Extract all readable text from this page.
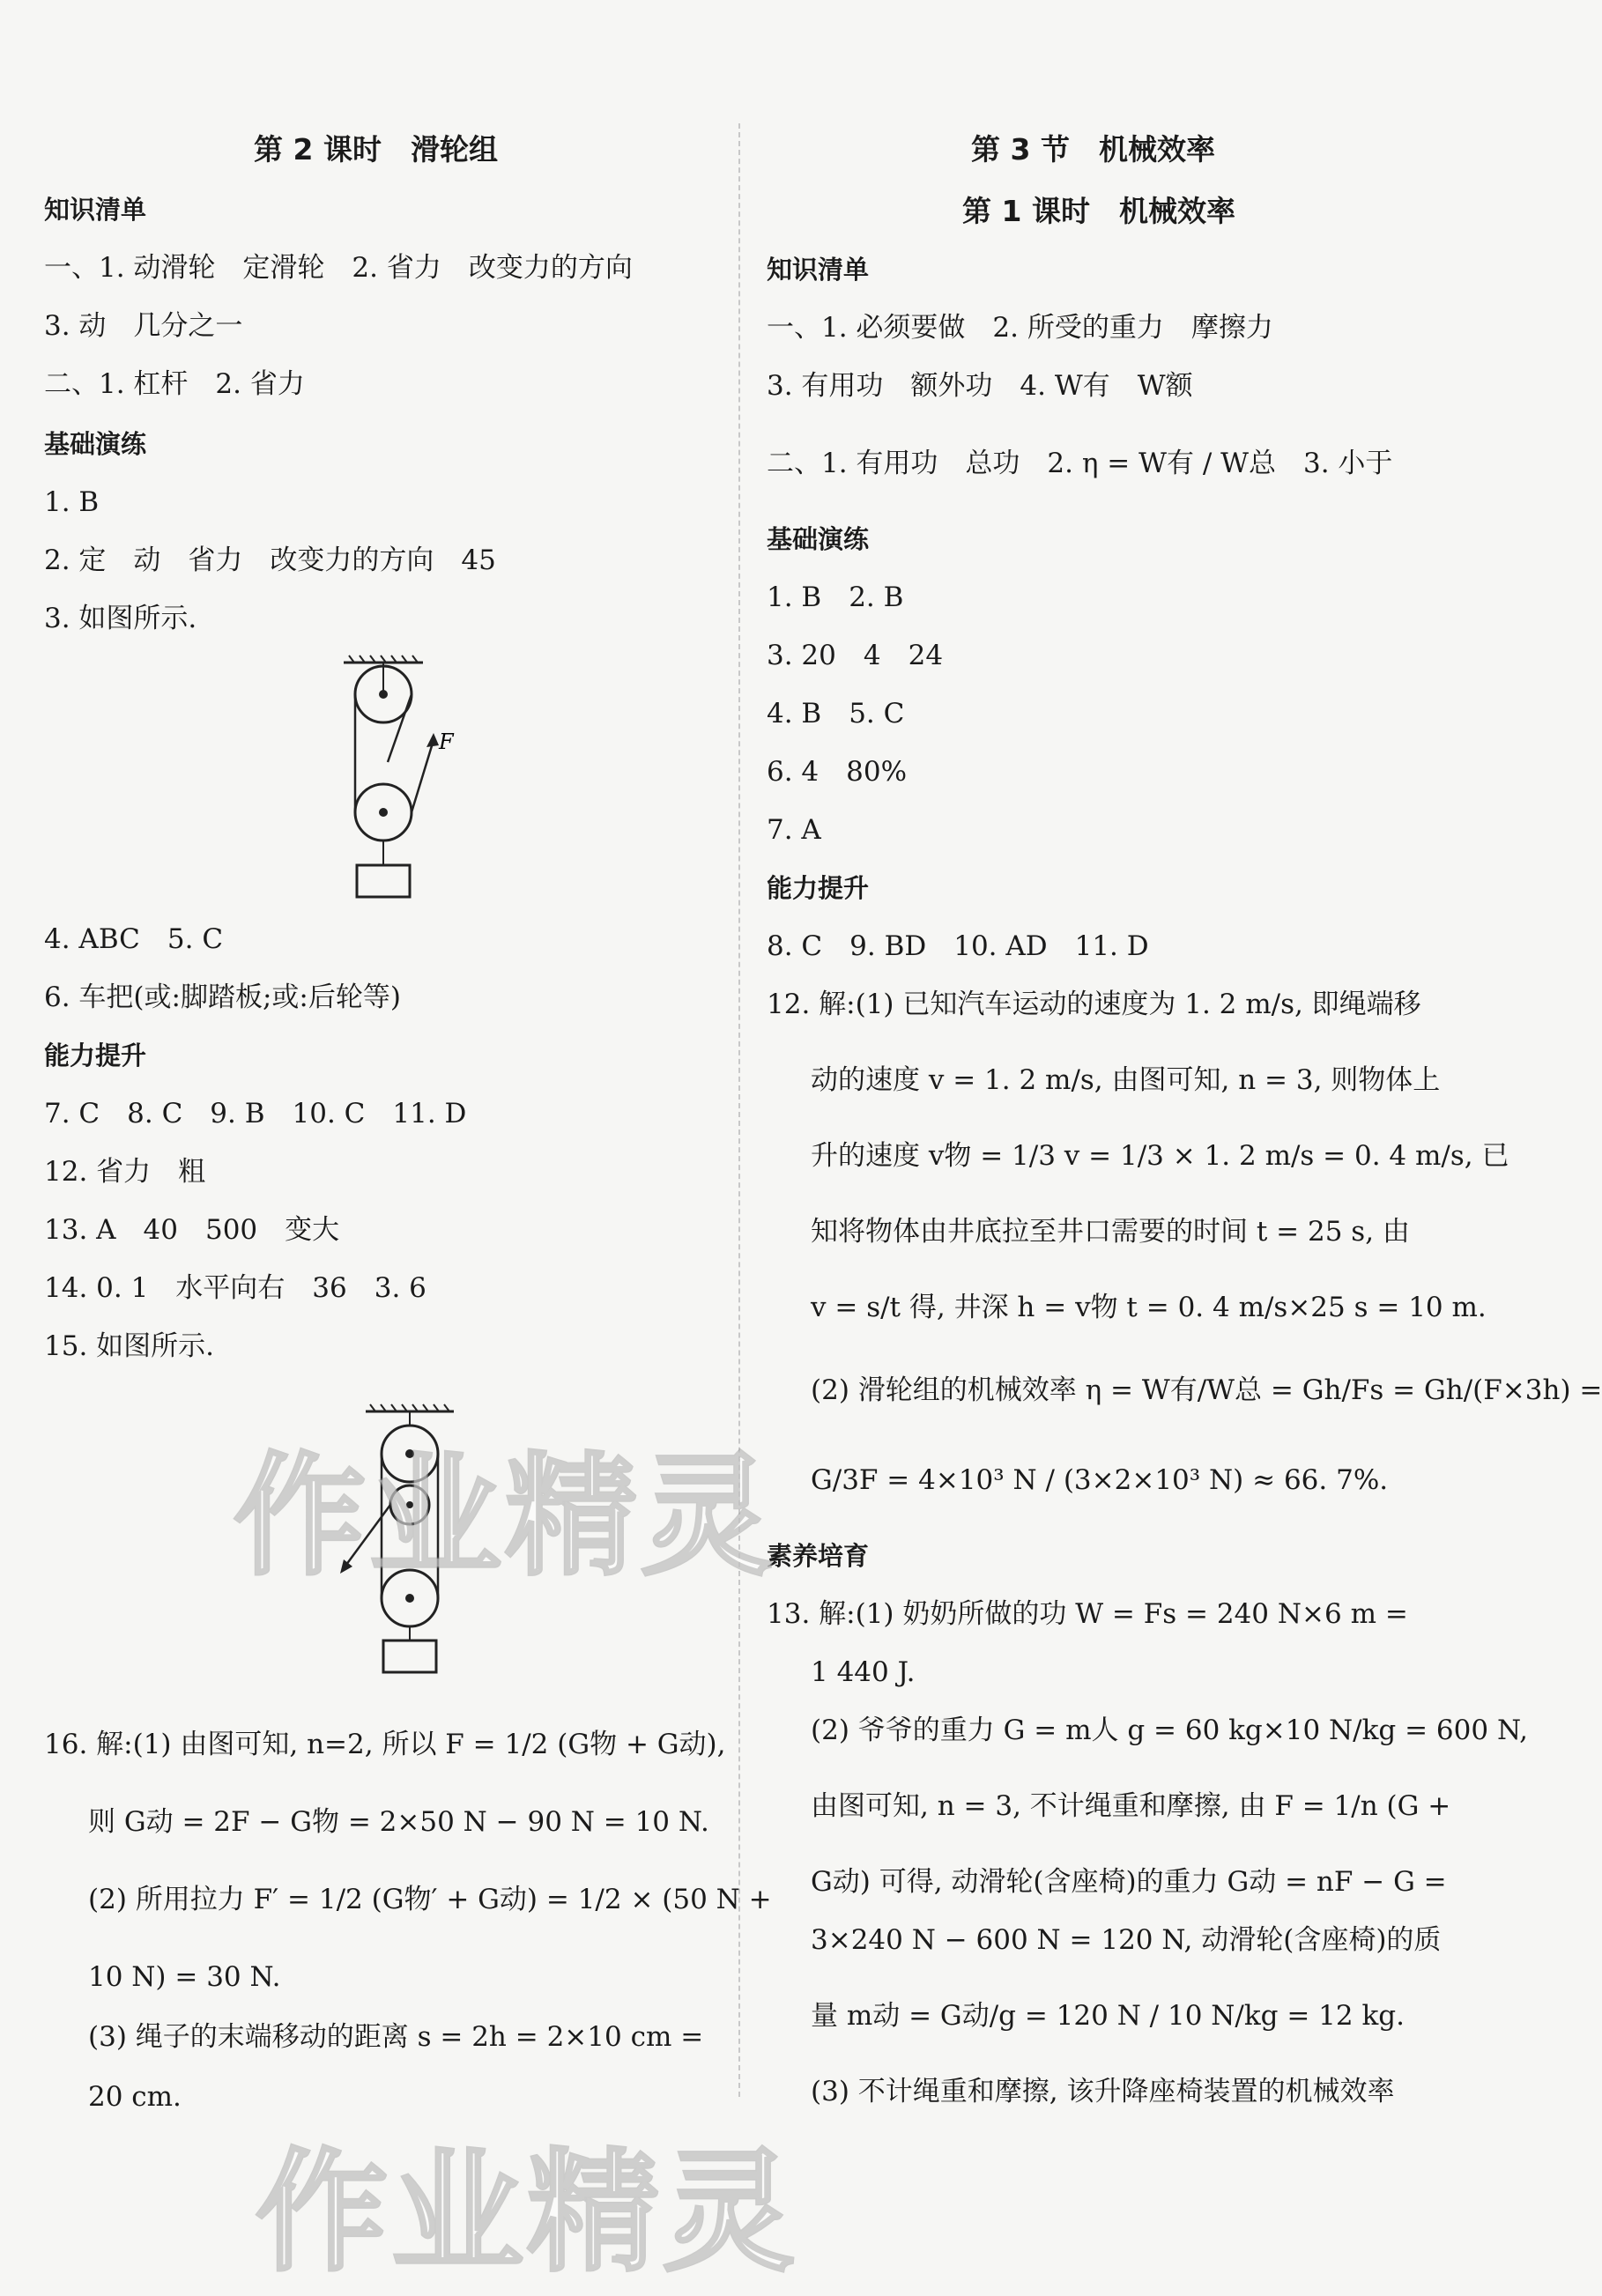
第 2 课时　滑轮组
知识清单
一、1. 动滑轮　定滑轮　2. 省力　改变力的方向
3. 动　几分之一
二、1. 杠杆　2. 省力
基础演练
1. B
2. 定　动　省力　改变力的方向　45
3. 如图所示.
F
4. ABC　5. C
6. 车把(或:脚踏板;或:后轮等)
能力提升
7. C　8. C　9. B　10. C　11. D
12. 省力　粗
13. A　40　500　变大
14. 0. 1　水平向右　36　3. 6
15. 如图所示.
16. 解:(1) 由图可知, n=2, 所以 F = 1/2 (G物 + G动),
则 G动 = 2F − G物 = 2×50 N − 90 N = 10 N.
(2) 所用拉力 F′ = 1/2 (G物′ + G动) = 1/2 × (50 N +
10 N) = 30 N.
(3) 绳子的末端移动的距离 s = 2h = 2×10 cm =
20 cm.
第 3 节　机械效率
第 1 课时　机械效率
知识清单
一、1. 必须要做　2. 所受的重力　摩擦力
3. 有用功　额外功　4. W有　W额
二、1. 有用功　总功　2. η = W有 / W总　3. 小于
基础演练
1. B　2. B
3. 20　4　24
4. B　5. C
6. 4　80%
7. A
能力提升
8. C　9. BD　10. AD　11. D
12. 解:(1) 已知汽车运动的速度为 1. 2 m/s, 即绳端移
动的速度 v = 1. 2 m/s, 由图可知, n = 3, 则物体上
升的速度 v物 = 1/3 v = 1/3 × 1. 2 m/s = 0. 4 m/s, 已
知将物体由井底拉至井口需要的时间 t = 25 s, 由
v = s/t 得, 井深 h = v物 t = 0. 4 m/s×25 s = 10 m.
(2) 滑轮组的机械效率 η = W有/W总 = Gh/Fs = Gh/(F×3h) =
G/3F = 4×10³ N / (3×2×10³ N) ≈ 66. 7%.
素养培育
13. 解:(1) 奶奶所做的功 W = Fs = 240 N×6 m =
1 440 J.
(2) 爷爷的重力 G = m人 g = 60 kg×10 N/kg = 600 N,
由图可知, n = 3, 不计绳重和摩擦, 由 F = 1/n (G +
G动) 可得, 动滑轮(含座椅)的重力 G动 = nF − G =
3×240 N − 600 N = 120 N, 动滑轮(含座椅)的质
量 m动 = G动/g = 120 N / 10 N/kg = 12 kg.
(3) 不计绳重和摩擦, 该升降座椅装置的机械效率
作业精灵
作业精灵
